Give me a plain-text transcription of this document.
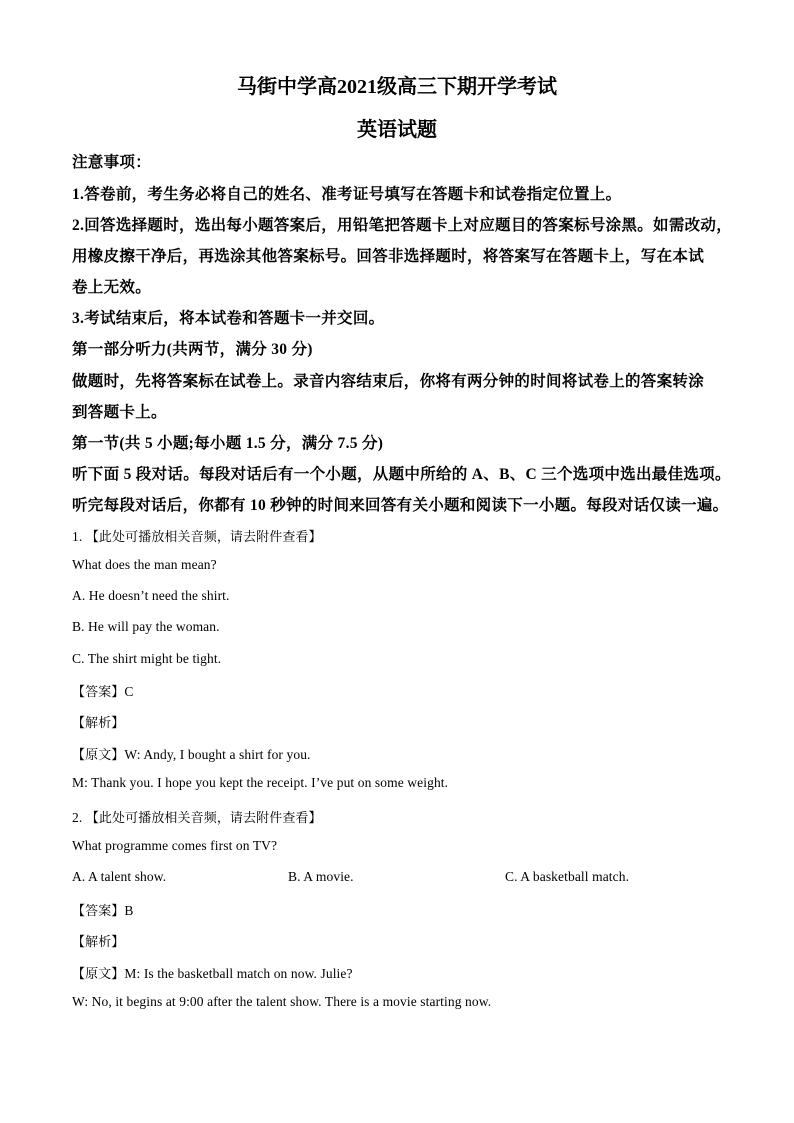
马街中学高2021级高三下期开学考试
英语试题
注意事项：
1.答卷前，考生务必将自己的姓名、准考证号填写在答题卡和试卷指定位置上。
2.回答选择题时，选出每小题答案后，用铅笔把答题卡上对应题目的答案标号涂黑。如需改动，
用橡皮擦干净后，再选涂其他答案标号。回答非选择题时，将答案写在答题卡上，写在本试
卷上无效。
3.考试结束后，将本试卷和答题卡一并交回。
第一部分听力(共两节，满分 30 分)
做题时，先将答案标在试卷上。录音内容结束后，你将有两分钟的时间将试卷上的答案转涂
到答题卡上。
第一节(共 5 小题;每小题 1.5 分，满分 7.5 分)
听下面 5 段对话。每段对话后有一个小题，从题中所给的 A、B、C 三个选项中选出最佳选项。
听完每段对话后，你都有 10 秒钟的时间来回答有关小题和阅读下一小题。每段对话仅读一遍。
1. 【此处可播放相关音频，请去附件查看】
What does the man mean?
A. He doesn’t need the shirt.
B. He will pay the woman.
C. The shirt might be tight.
【答案】C
【解析】
【原文】W: Andy, I bought a shirt for you.
M: Thank you. I hope you kept the receipt. I’ve put on some weight.
2. 【此处可播放相关音频，请去附件查看】
What programme comes first on TV?
A. A talent show.	B. A movie.	C. A basketball match.
【答案】B
【解析】
【原文】M: Is the basketball match on now. Julie?
W: No, it begins at 9:00 after the talent show. There is a movie starting now.
